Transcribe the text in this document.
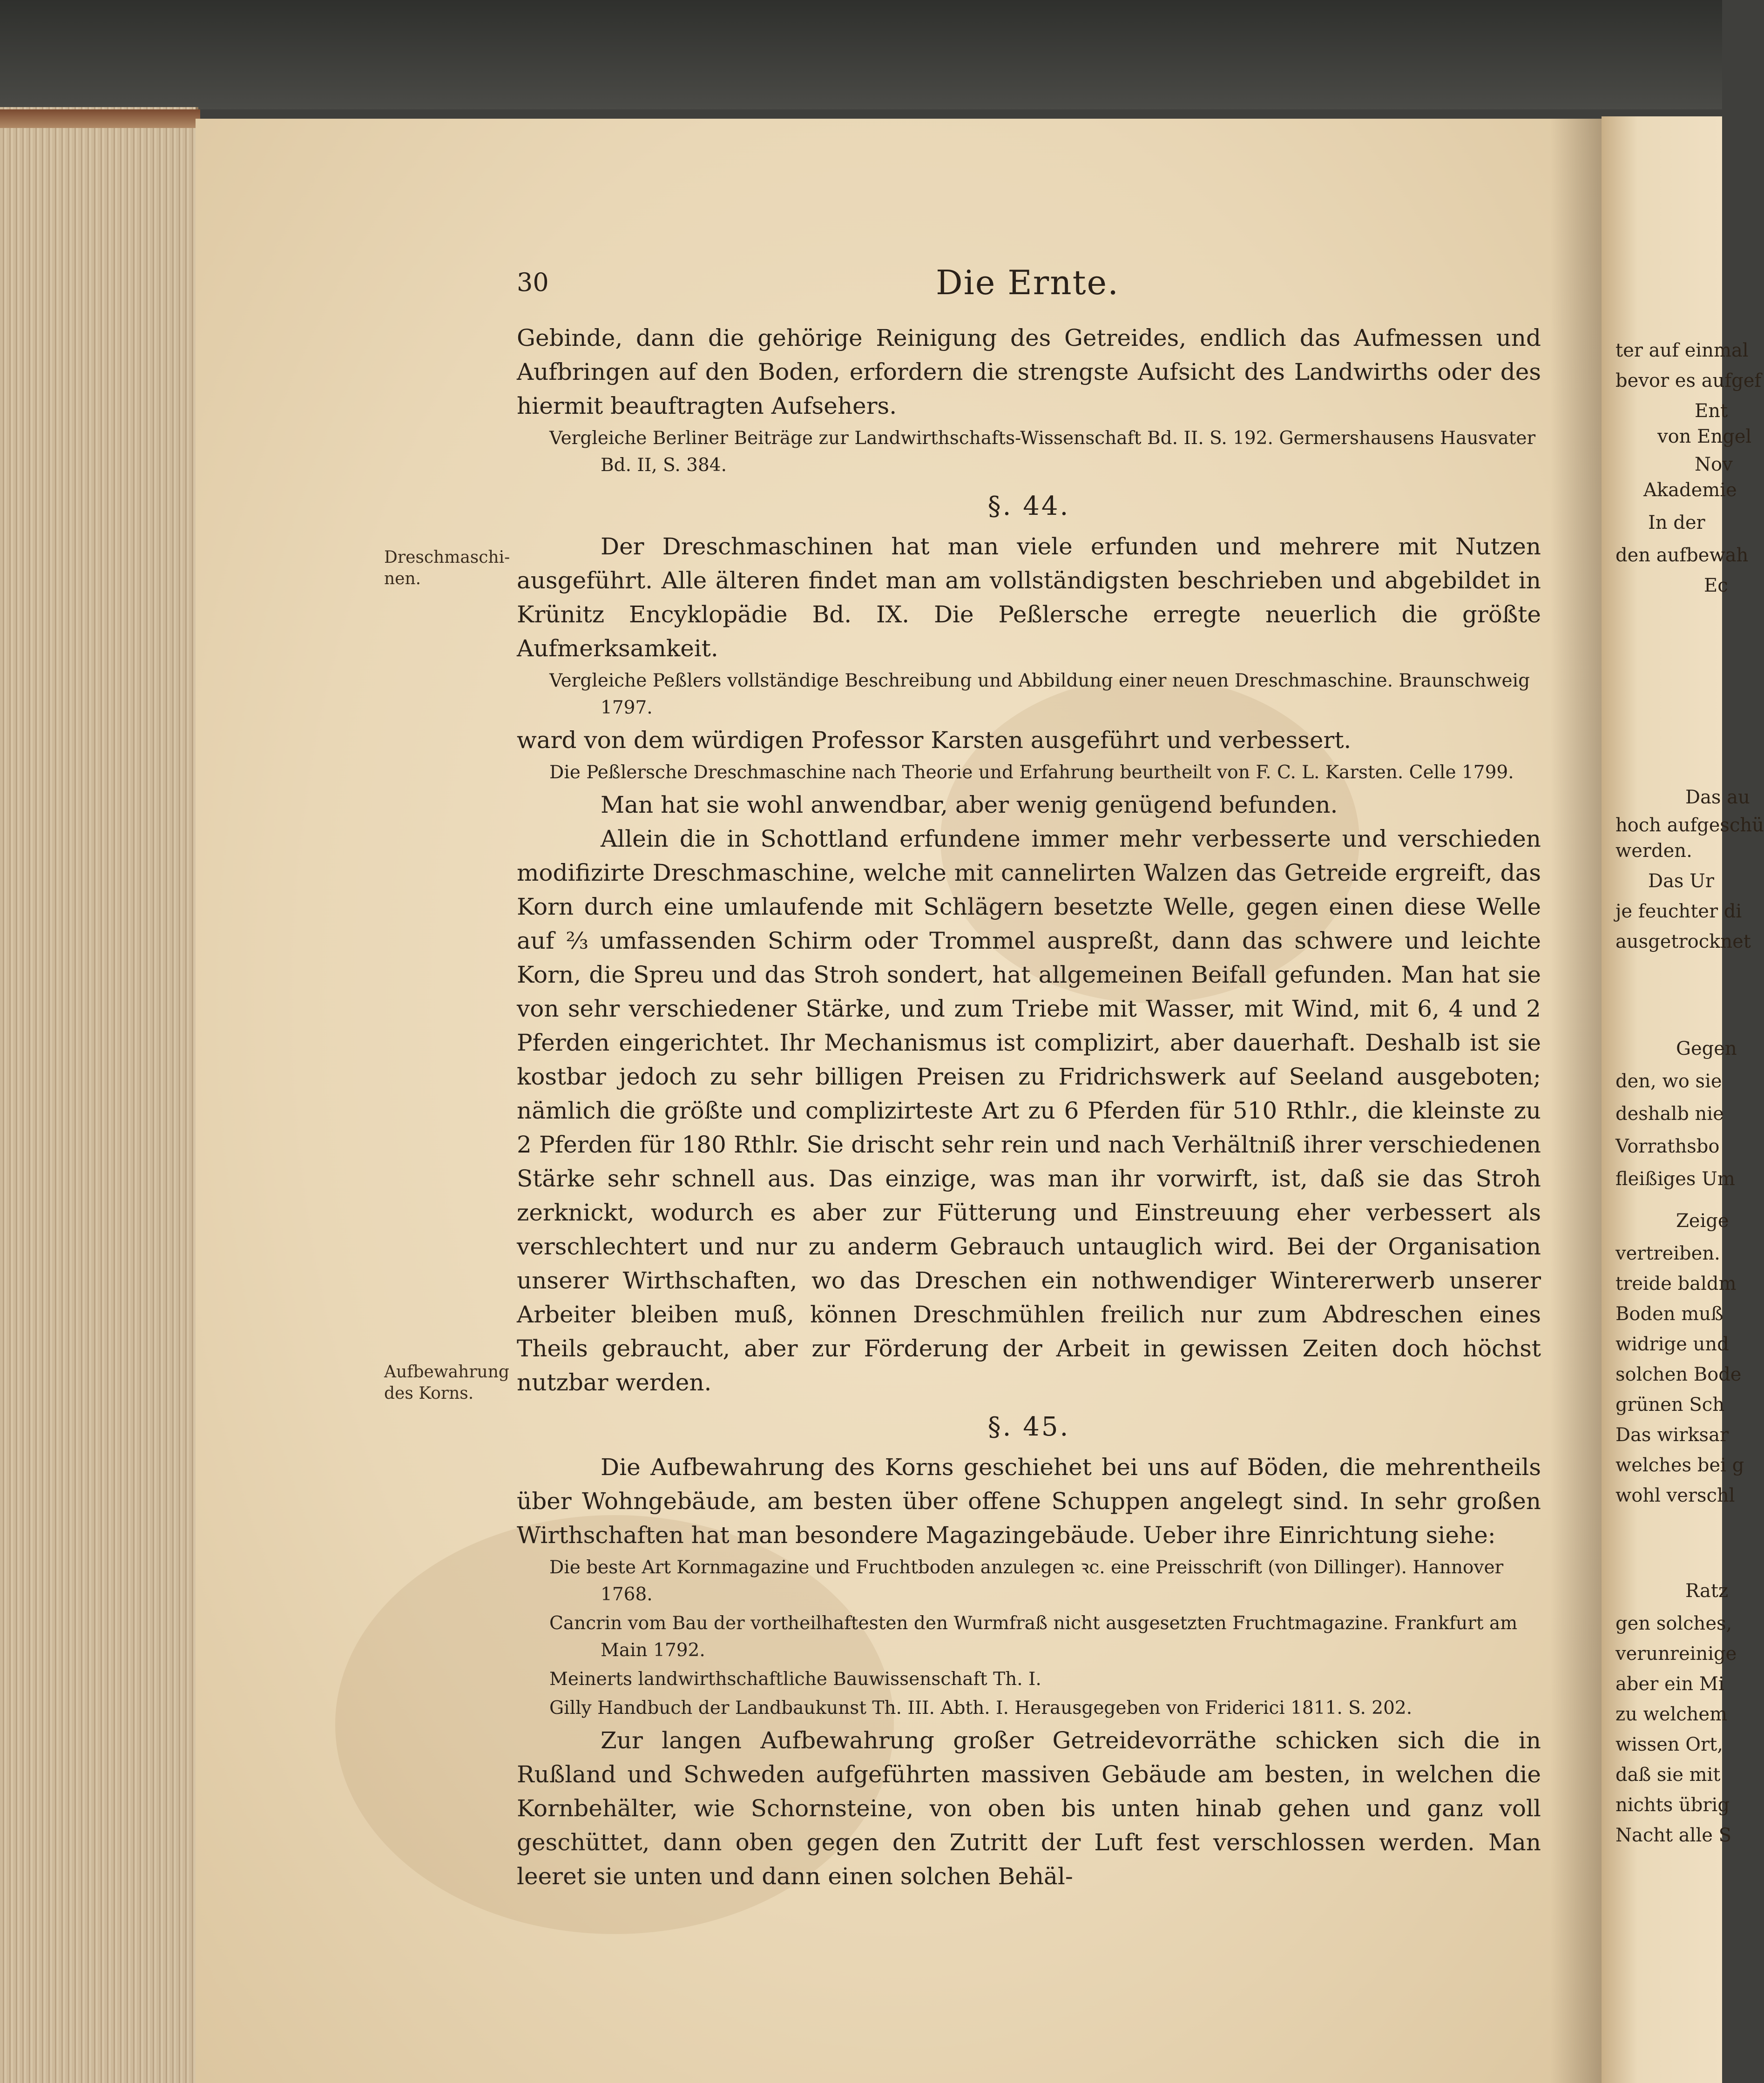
30	Die Ernte.
Dreschmaschi- nen.
Aufbewahrung des Korns.

Gebinde, dann die gehörige Reinigung des Getreides, endlich das Aufmessen und Aufbringen auf den Boden, erfordern die strengste Aufsicht des Landwirths oder des hiermit beauftragten Aufsehers.

Vergleiche Berliner Beiträge zur Landwirthschafts-Wissenschaft Bd. II. S. 192. Germershausens Hausvater Bd. II, S. 384.

§. 44.

Der Dreschmaschinen hat man viele erfunden und mehrere mit Nutzen ausgeführt. Alle älteren findet man am vollständigsten beschrieben und abgebildet in Krünitz Encyklopädie Bd. IX. Die Peßlersche erregte neuerlich die größte Aufmerksamkeit.

Vergleiche Peßlers vollständige Beschreibung und Abbildung einer neuen Dreschmaschine. Braunschweig 1797.

ward von dem würdigen Professor Karsten ausgeführt und verbessert.

Die Peßlersche Dreschmaschine nach Theorie und Erfahrung beurtheilt von F. C. L. Karsten. Celle 1799.

Man hat sie wohl anwendbar, aber wenig genügend befunden.

Allein die in Schottland erfundene immer mehr verbesserte und verschieden modifizirte Dreschmaschine, welche mit cannelirten Walzen das Getreide ergreift, das Korn durch eine umlaufende mit Schlägern besetzte Welle, gegen einen diese Welle auf ⅔ umfassenden Schirm oder Trommel auspreßt, dann das schwere und leichte Korn, die Spreu und das Stroh sondert, hat allgemeinen Beifall gefunden. Man hat sie von sehr verschiedener Stärke, und zum Triebe mit Wasser, mit Wind, mit 6, 4 und 2 Pferden eingerichtet. Ihr Mechanismus ist complizirt, aber dauerhaft. Deshalb ist sie kostbar jedoch zu sehr billigen Preisen zu Fridrichswerk auf Seeland ausgeboten; nämlich die größte und complizirteste Art zu 6 Pferden für 510 Rthlr., die kleinste zu 2 Pferden für 180 Rthlr. Sie drischt sehr rein und nach Verhältniß ihrer verschiedenen Stärke sehr schnell aus. Das einzige, was man ihr vorwirft, ist, daß sie das Stroh zerknickt, wodurch es aber zur Fütterung und Einstreuung eher verbessert als verschlechtert und nur zu anderm Gebrauch untauglich wird. Bei der Organisation unserer Wirthschaften, wo das Dreschen ein nothwendiger Wintererwerb unserer Arbeiter bleiben muß, können Dreschmühlen freilich nur zum Abdreschen eines Theils gebraucht, aber zur Förderung der Arbeit in gewissen Zeiten doch höchst nutzbar werden.

§. 45.

Die Aufbewahrung des Korns geschiehet bei uns auf Böden, die mehrentheils über Wohngebäude, am besten über offene Schuppen angelegt sind. In sehr großen Wirthschaften hat man besondere Magazingebäude. Ueber ihre Einrichtung siehe:

Die beste Art Kornmagazine und Fruchtboden anzulegen ꝛc. eine Preisschrift (von Dillinger). Hannover 1768.

Cancrin vom Bau der vortheilhaftesten den Wurmfraß nicht ausgesetzten Fruchtmagazine. Frankfurt am Main 1792.

Meinerts landwirthschaftliche Bauwissenschaft Th. I.

Gilly Handbuch der Landbaukunst Th. III. Abth. I. Herausgegeben von Friderici 1811. S. 202.

Zur langen Aufbewahrung großer Getreidevorräthe schicken sich die in Rußland und Schweden aufgeführten massiven Gebäude am besten, in welchen die Kornbehälter, wie Schornsteine, von oben bis unten hinab gehen und ganz voll geschüttet, dann oben gegen den Zutritt der Luft fest verschlossen werden. Man leeret sie unten und dann einen solchen Behäl-

ter auf einmal
bevor es aufgef
Ent
von Engel
Nov
Akademie
In der
den aufbewah
Ec
Das au
hoch aufgeschü
werden.
Das Ur
je feuchter di
ausgetrocknet
Gegen
den, wo sie
deshalb nie
Vorrathsbo
fleißiges Um
Zeige
vertreiben.
treide baldm
Boden muß
widrige und
solchen Bode
grünen Sch
Das wirksar
welches bei g
wohl verschl
Ratz
gen solches,
verunreinige
aber ein Mi
zu welchem
wissen Ort,
daß sie mit
nichts übrig
Nacht alle S
